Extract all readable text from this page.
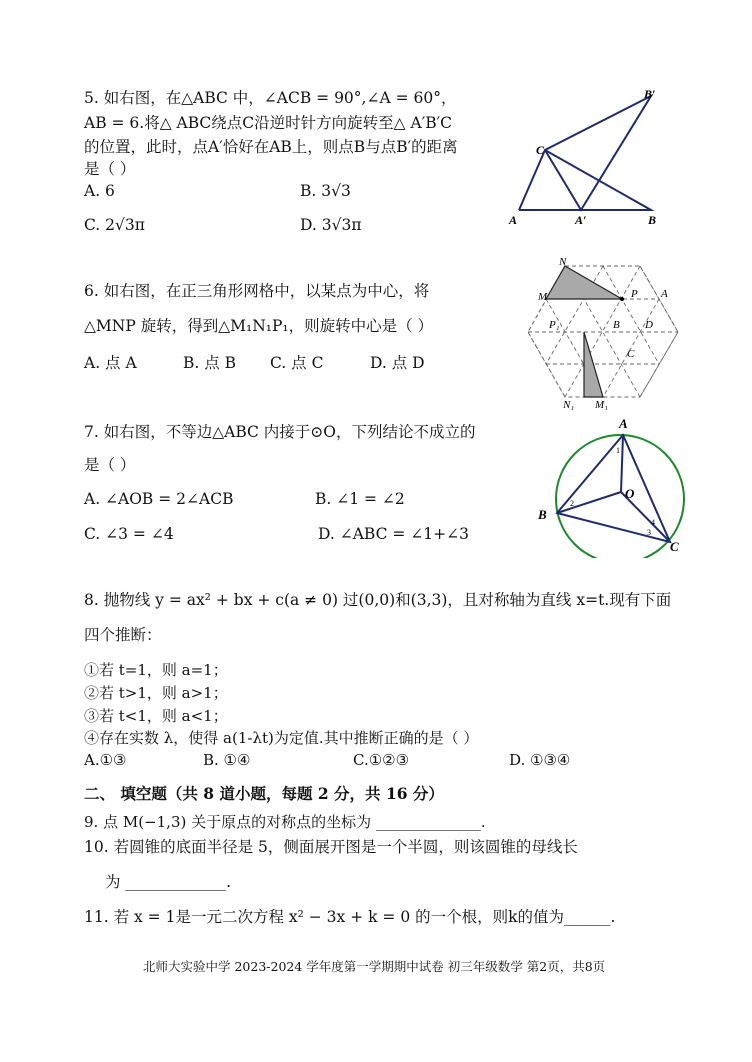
5. 如右图，在△ABC 中，∠ACB = 90°,∠A = 60°，
AB = 6.将△ ABC绕点C沿逆时针方向旋转至△ A′B′C
的位置，此时，点A′恰好在AB上，则点B与点B′的距离
是（ ）
A. 6	B. 3√3
C. 2√3π	D. 3√3π	A	B
C
A′
B′
6. 如右图，在正三角形网格中，以某点为中心，将
△MNP 旋转，得到△M₁N₁P₁，则旋转中心是（ ）
A. 点 A	B. 点 B C. 点 C	D. 点 D
N
M	P A
P₁	B D
C
N₁ M₁
7. 如右图，不等边△ABC 内接于⊙O，下列结论不成立的
是（ ）
A. ∠AOB = 2∠ACB	B. ∠1 = ∠2
C. ∠3 = ∠4	D. ∠ABC = ∠1+∠3
A
B
C
O
1
2
3
4
8. 抛物线 y = ax² + bx + c(a ≠ 0) 过(0,0)和(3,3)，且对称轴为直线 x=t.现有下面
四个推断：
①若 t=1，则 a=1；
②若 t>1，则 a>1；
③若 t<1，则 a<1；
④存在实数 λ，使得 a(1-λt)为定值.其中推断正确的是（ ）
A.①③	B. ①④	C.①②③	D. ①③④
二、 填空题（共 8 道小题，每题 2 分，共 16 分）
9. 点 M(−1,3) 关于原点的对称点的坐标为 ______________.
10. 若圆锥的底面半径是 5，侧面展开图是一个半圆，则该圆锥的母线长
为 _____________.
11. 若 x = 1是一元二次方程 x² − 3x + k = 0 的一个根，则k的值为______.
北师大实验中学 2023-2024 学年度第一学期期中试卷 初三年级数学 第2页，共8页
